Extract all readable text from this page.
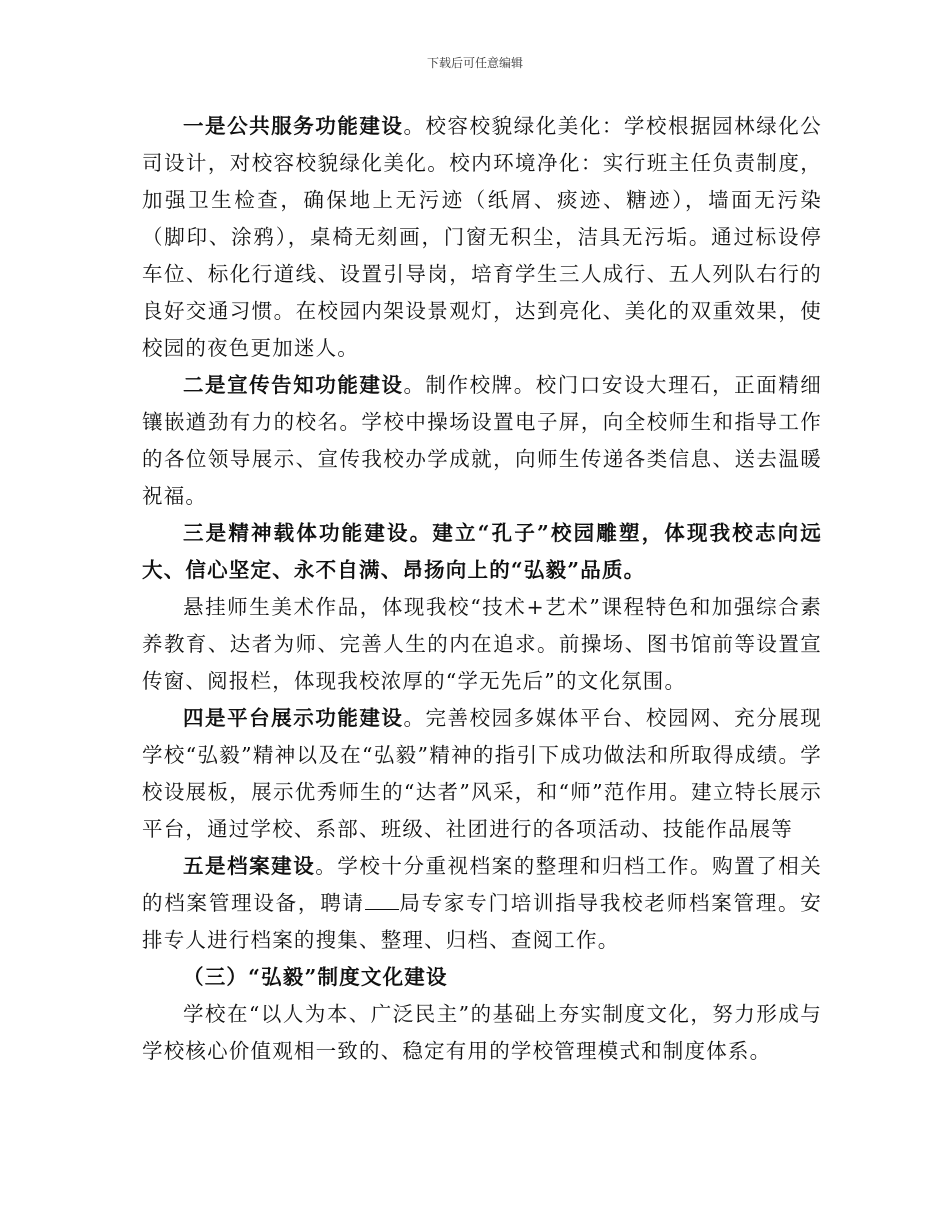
下载后可任意编辑

一是公共服务功能建设。校容校貌绿化美化：学校根据园林绿化公司设计，对校容校貌绿化美化。校内环境净化：实行班主任负责制度，加强卫生检查，确保地上无污迹（纸屑、痰迹、糖迹），墙面无污染（脚印、涂鸦），桌椅无刻画，门窗无积尘，洁具无污垢。通过标设停车位、标化行道线、设置引导岗，培育学生三人成行、五人列队右行的良好交通习惯。在校园内架设景观灯，达到亮化、美化的双重效果，使校园的夜色更加迷人。

二是宣传告知功能建设。制作校牌。校门口安设大理石，正面精细镶嵌遒劲有力的校名。学校中操场设置电子屏，向全校师生和指导工作的各位领导展示、宣传我校办学成就，向师生传递各类信息、送去温暖祝福。

三是精神载体功能建设。建立“孔子”校园雕塑，体现我校志向远大、信心坚定、永不自满、昂扬向上的“弘毅”品质。

悬挂师生美术作品，体现我校“技术+艺术”课程特色和加强综合素养教育、达者为师、完善人生的内在追求。前操场、图书馆前等设置宣传窗、阅报栏，体现我校浓厚的“学无先后”的文化氛围。

四是平台展示功能建设。完善校园多媒体平台、校园网、充分展现学校“弘毅”精神以及在“弘毅”精神的指引下成功做法和所取得成绩。学校设展板，展示优秀师生的“达者”风采，和“师”范作用。建立特长展示平台，通过学校、系部、班级、社团进行的各项活动、技能作品展等

五是档案建设。学校十分重视档案的整理和归档工作。购置了相关的档案管理设备，聘请 局专家专门培训指导我校老师档案管理。安排专人进行档案的搜集、整理、归档、查阅工作。

（三）“弘毅”制度文化建设

学校在“以人为本、广泛民主”的基础上夯实制度文化，努力形成与学校核心价值观相一致的、稳定有用的学校管理模式和制度体系。
